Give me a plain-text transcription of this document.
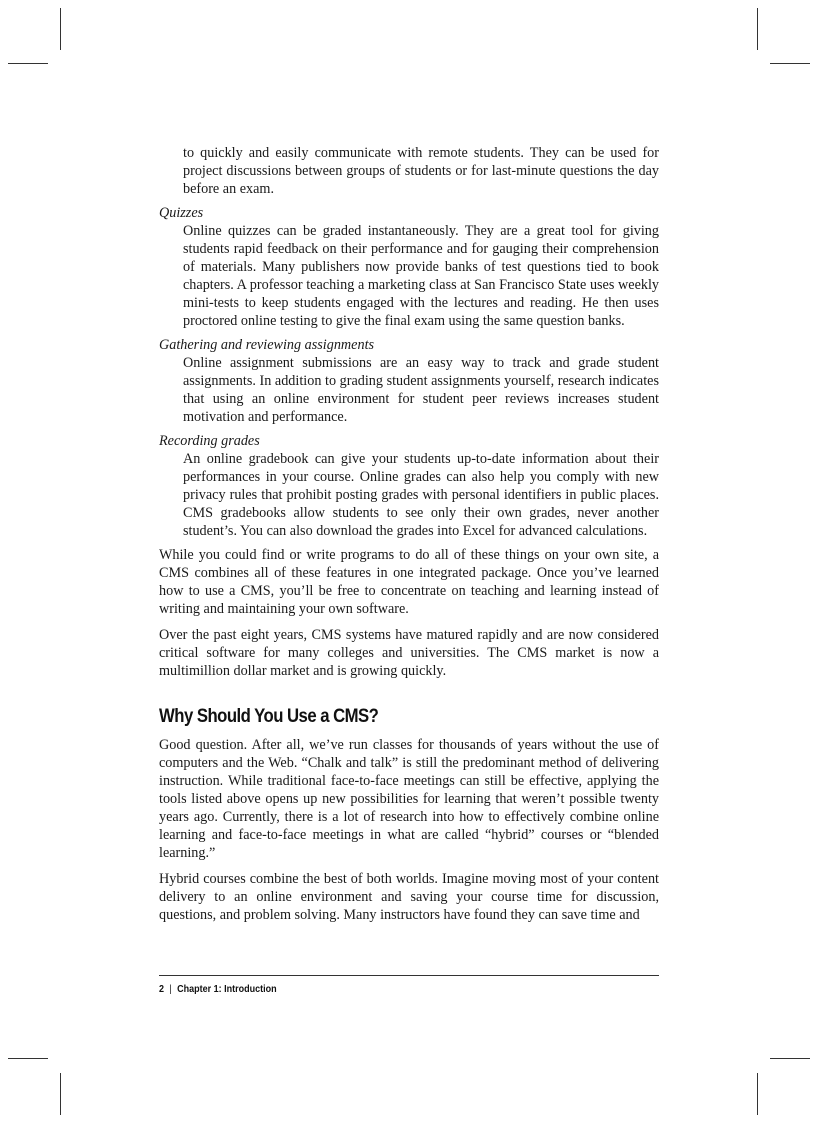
to quickly and easily communicate with remote students. They can be used for project discussions between groups of students or for last-minute questions the day before an exam.

Quizzes

Online quizzes can be graded instantaneously. They are a great tool for giving students rapid feedback on their performance and for gauging their comprehension of materials. Many publishers now provide banks of test questions tied to book chapters. A professor teaching a marketing class at San Francisco State uses weekly mini-tests to keep students engaged with the lectures and reading. He then uses proctored online testing to give the final exam using the same question banks.

Gathering and reviewing assignments

Online assignment submissions are an easy way to track and grade student assignments. In addition to grading student assignments yourself, research indicates that using an online environment for student peer reviews increases student motivation and performance.

Recording grades

An online gradebook can give your students up-to-date information about their performances in your course. Online grades can also help you comply with new privacy rules that prohibit posting grades with personal identifiers in public places. CMS gradebooks allow students to see only their own grades, never another student’s. You can also download the grades into Excel for advanced calculations.

While you could find or write programs to do all of these things on your own site, a CMS combines all of these features in one integrated package. Once you’ve learned how to use a CMS, you’ll be free to concentrate on teaching and learning instead of writing and maintaining your own software.

Over the past eight years, CMS systems have matured rapidly and are now considered critical software for many colleges and universities. The CMS market is now a multimillion dollar market and is growing quickly.

Why Should You Use a CMS?

Good question. After all, we’ve run classes for thousands of years without the use of computers and the Web. “Chalk and talk” is still the predominant method of delivering instruction. While traditional face-to-face meetings can still be effective, applying the tools listed above opens up new possibilities for learning that weren’t possible twenty years ago. Currently, there is a lot of research into how to effectively combine online learning and face-to-face meetings in what are called “hybrid” courses or “blended learning.”

Hybrid courses combine the best of both worlds. Imagine moving most of your content delivery to an online environment and saving your course time for discussion, questions, and problem solving. Many instructors have found they can save time and

2 | Chapter 1: Introduction
